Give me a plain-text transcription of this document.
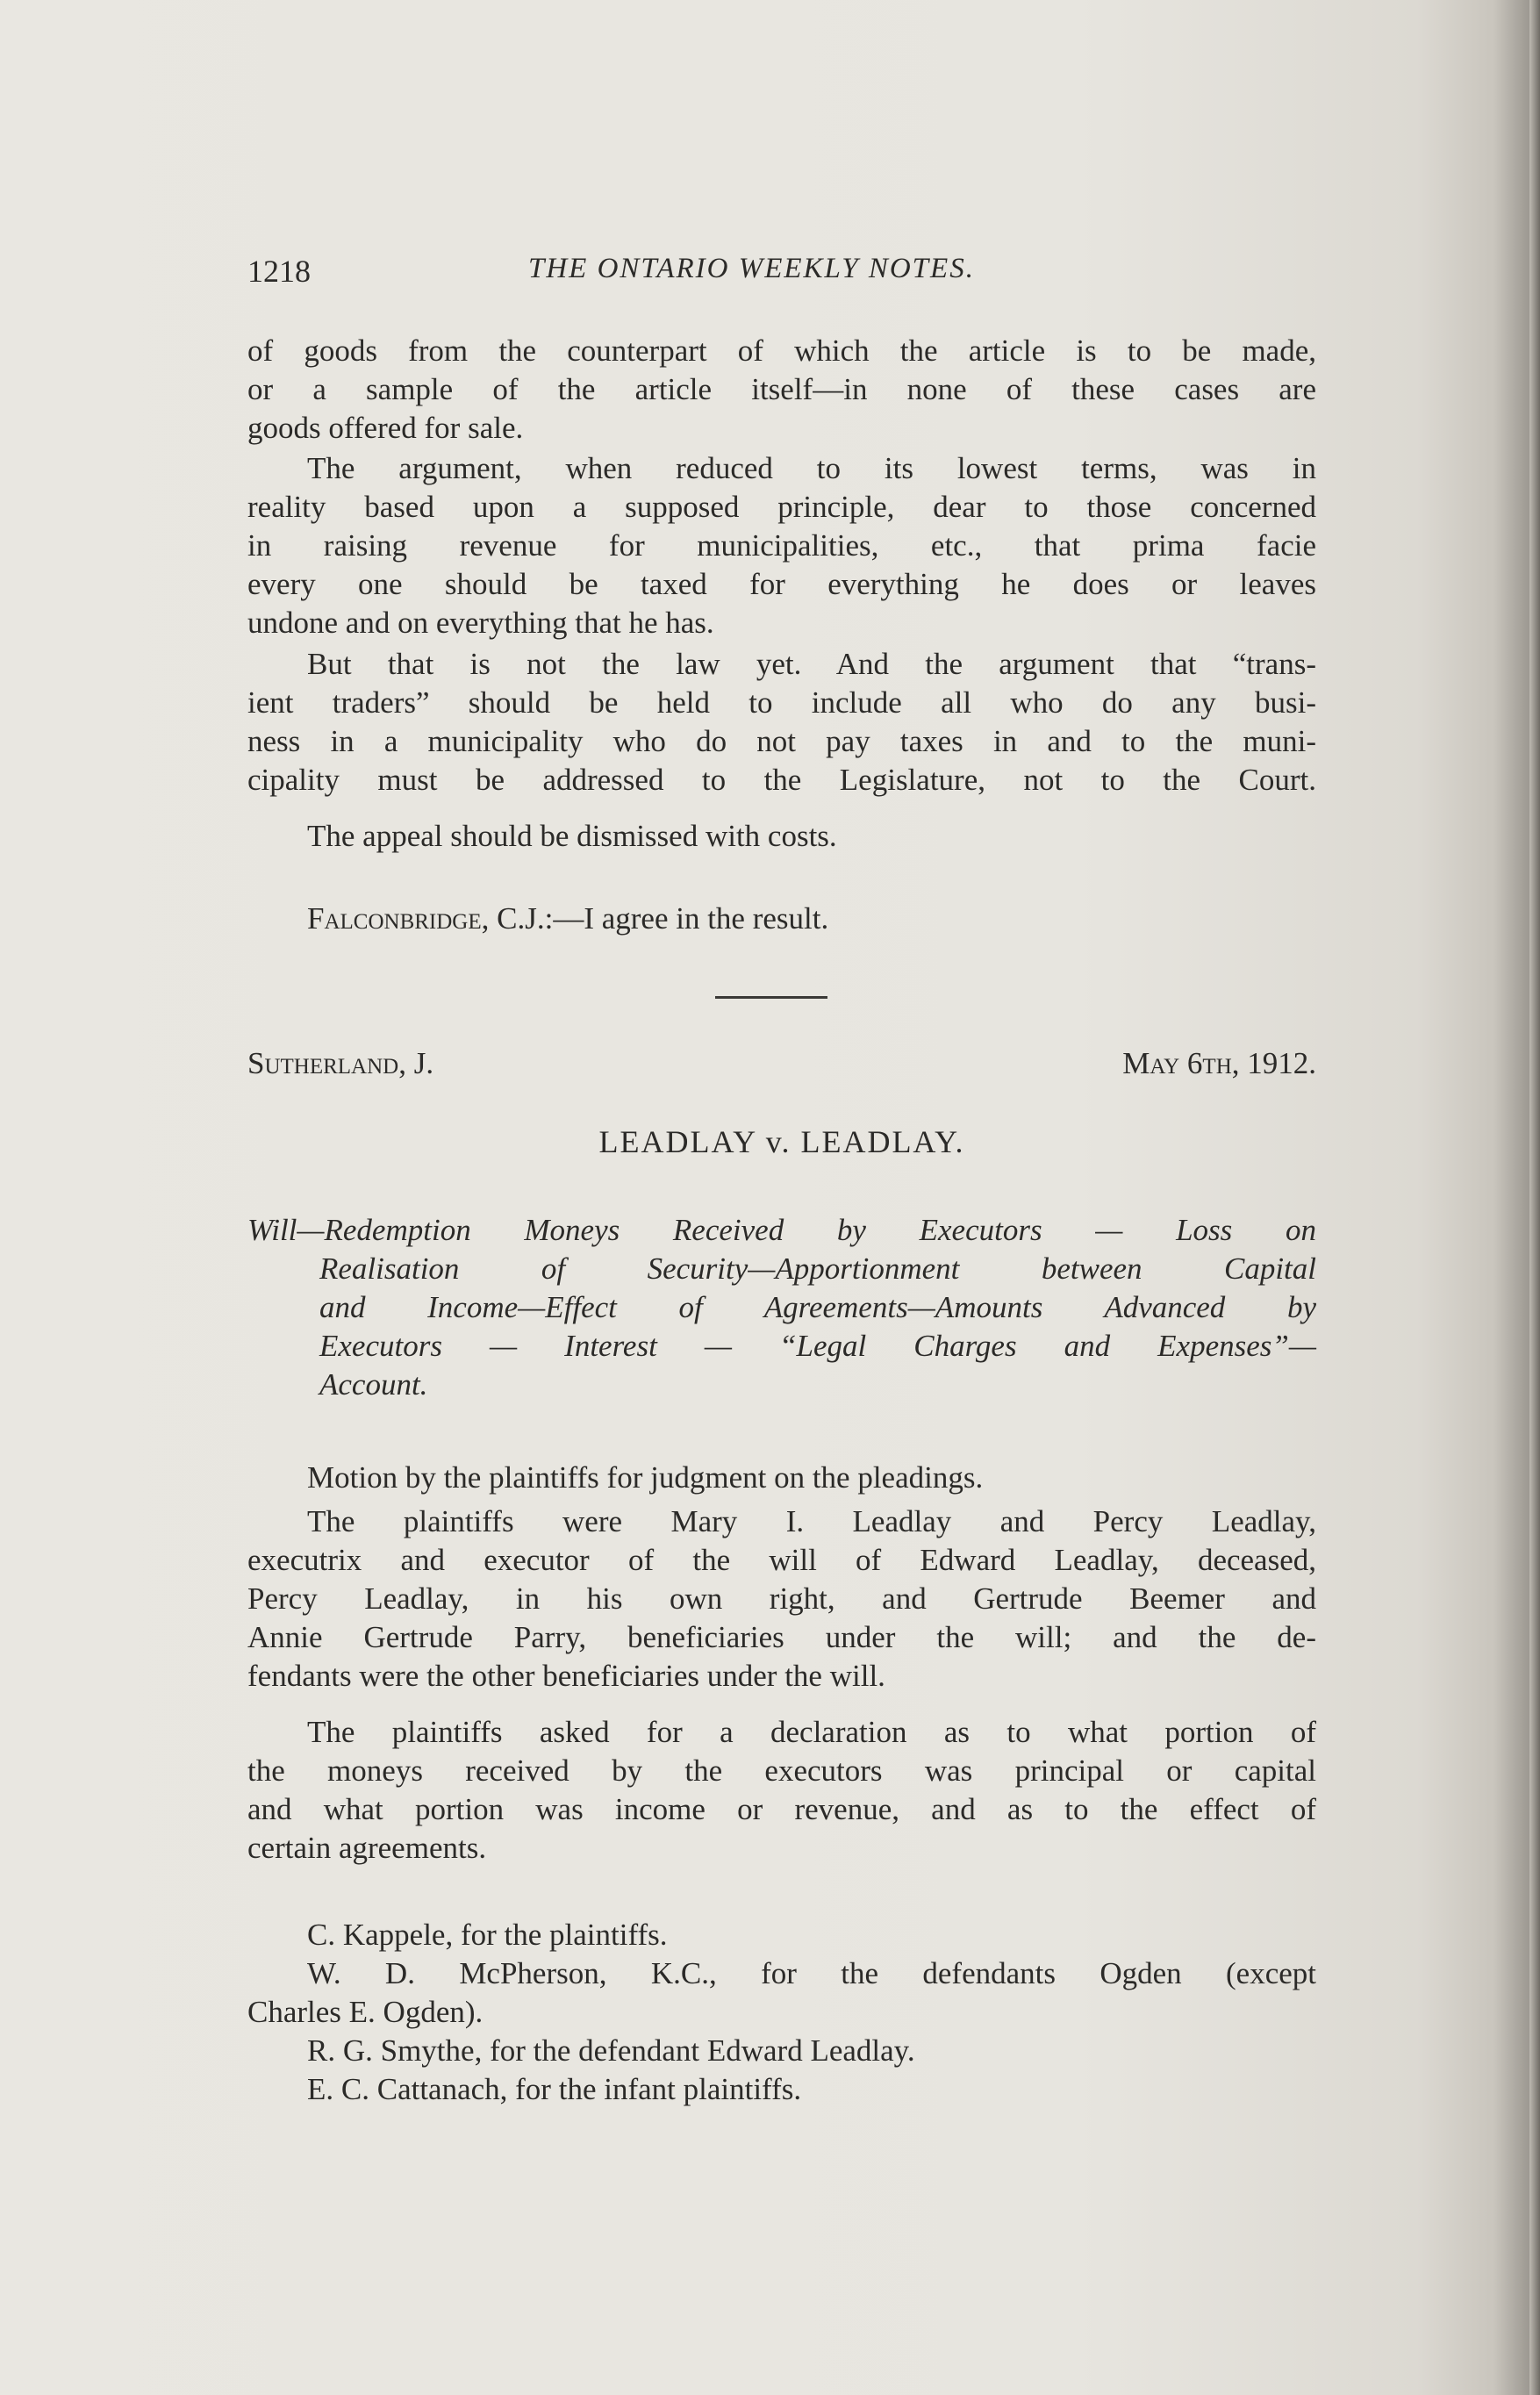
1218	THE ONTARIO WEEKLY NOTES.
of goods from the counterpart of which the article is to be made,
or a sample of the article itself—in none of these cases are
goods offered for sale.
The argument, when reduced to its lowest terms, was in
reality based upon a supposed principle, dear to those concerned
in raising revenue for municipalities, etc., that prima facie
every one should be taxed for everything he does or leaves
undone and on everything that he has.
But that is not the law yet. And the argument that “trans-
ient traders” should be held to include all who do any busi-
ness in a municipality who do not pay taxes in and to the muni-
cipality must be addressed to the Legislature, not to the Court.
The appeal should be dismissed with costs.
Falconbridge, C.J.:—I agree in the result.
Sutherland, J.	May 6th, 1912.
LEADLAY v. LEADLAY.
Will—Redemption Moneys Received by Executors — Loss on
Realisation of Security—Apportionment between Capital
and Income—Effect of Agreements—Amounts Advanced by
Executors — Interest — “Legal Charges and Expenses”—
Account.
Motion by the plaintiffs for judgment on the pleadings.
The plaintiffs were Mary I. Leadlay and Percy Leadlay,
executrix and executor of the will of Edward Leadlay, deceased,
Percy Leadlay, in his own right, and Gertrude Beemer and
Annie Gertrude Parry, beneficiaries under the will; and the de-
fendants were the other beneficiaries under the will.
The plaintiffs asked for a declaration as to what portion of
the moneys received by the executors was principal or capital
and what portion was income or revenue, and as to the effect of
certain agreements.
C. Kappele, for the plaintiffs.
W. D. McPherson, K.C., for the defendants Ogden (except
Charles E. Ogden).
R. G. Smythe, for the defendant Edward Leadlay.
E. C. Cattanach, for the infant plaintiffs.
